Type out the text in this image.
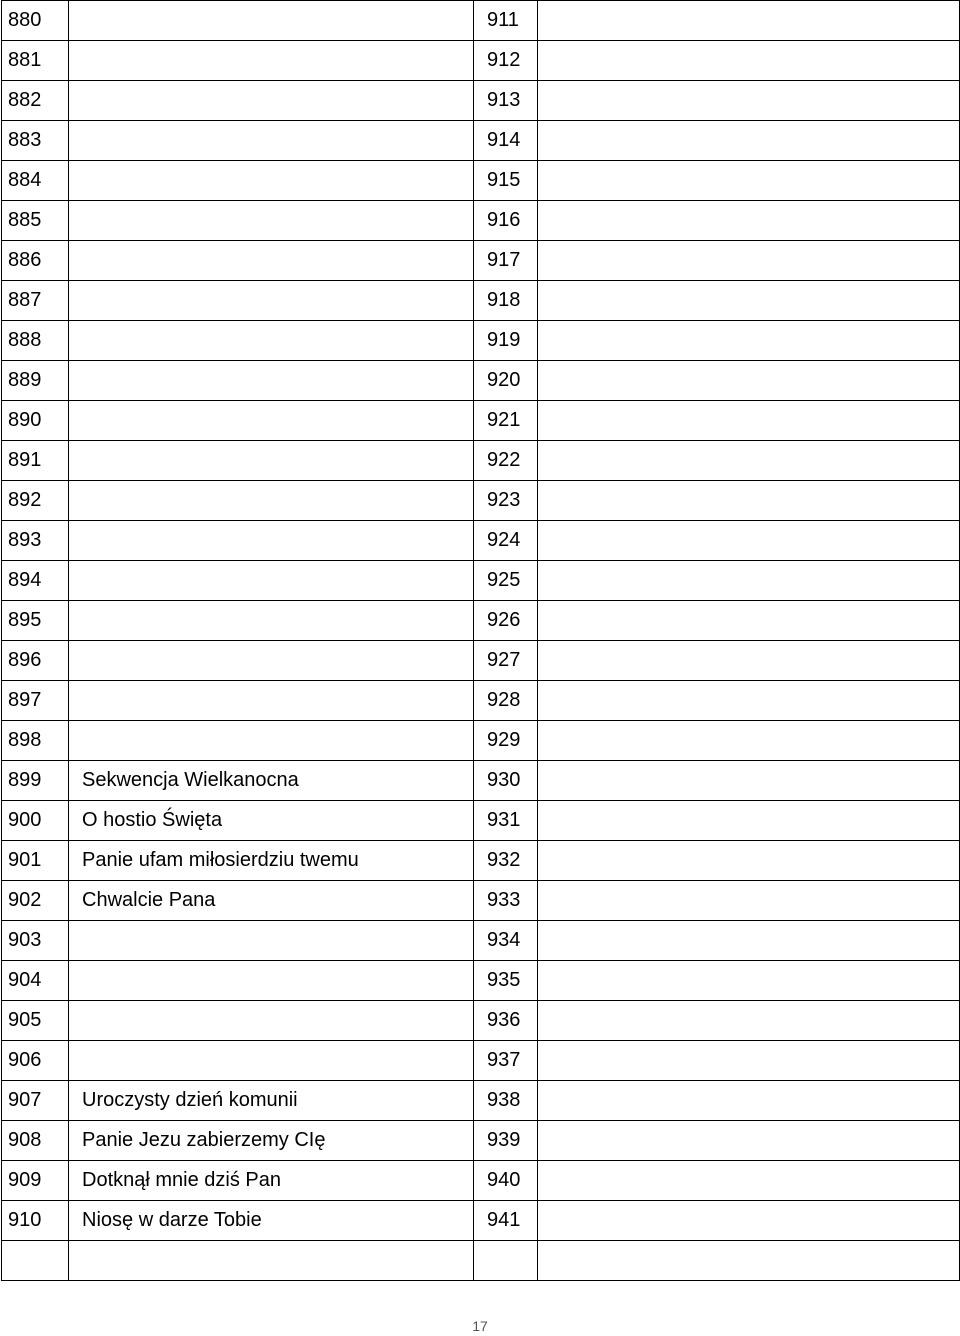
880		911	
881		912	
882		913	
883		914	
884		915	
885		916	
886		917	
887		918	
888		919	
889		920	
890		921	
891		922	
892		923	
893		924	
894		925	
895		926	
896		927	
897		928	
898		929	
899	Sekwencja Wielkanocna	930	
900	O hostio Święta	931	
901	Panie ufam miłosierdziu twemu	932	
902	Chwalcie Pana	933	
903		934	
904		935	
905		936	
906		937	
907	Uroczysty dzień komunii	938	
908	Panie Jezu zabierzemy CIę	939	
909	Dotknął mnie dziś Pan	940	
910	Niosę w darze Tobie	941	

17
